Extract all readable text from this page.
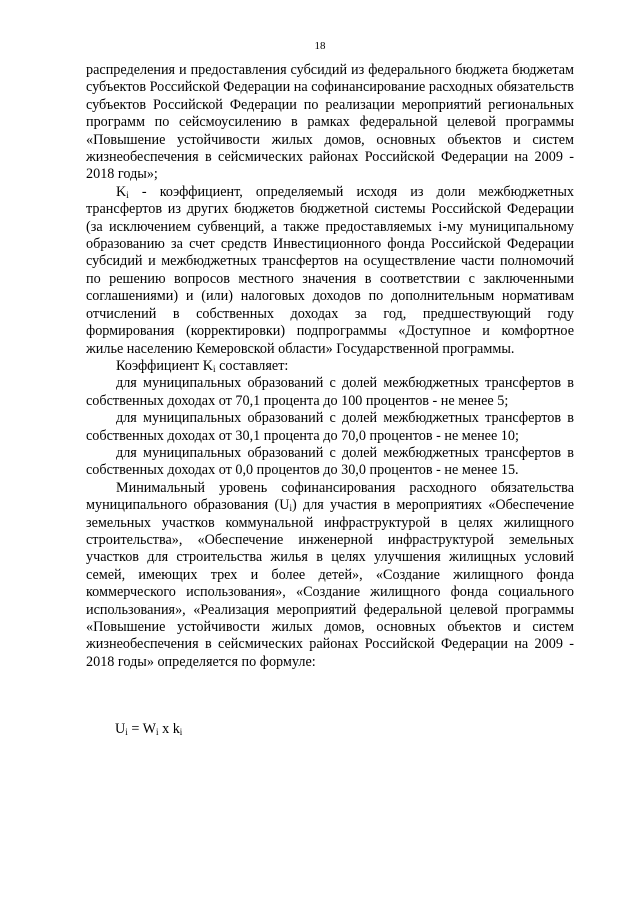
18

распределения и предоставления субсидий из федерального бюджета бюджетам субъектов Российской Федерации на софинансирование расходных обязательств субъектов Российской Федерации по реализации мероприятий региональных программ по сейсмоусилению в рамках федеральной целевой программы «Повышение устойчивости жилых домов, основных объектов и систем жизнеобеспечения в сейсмических районах Российской Федерации на 2009 - 2018 годы»;

$K_i$ - коэффициент, определяемый исходя из доли межбюджетных трансфертов из других бюджетов бюджетной системы Российской Федерации (за исключением субвенций, а также предоставляемых i-му муниципальному образованию за счет средств Инвестиционного фонда Российской Федерации субсидий и межбюджетных трансфертов на осуществление части полномочий по решению вопросов местного значения в соответствии с заключенными соглашениями) и (или) налоговых доходов по дополнительным нормативам отчислений в собственных доходах за год, предшествующий году формирования (корректировки) подпрограммы «Доступное и комфортное жилье населению Кемеровской области» Государственной программы.

Коэффициент $K_i$ составляет:

для муниципальных образований с долей межбюджетных трансфертов в собственных доходах от 70,1 процента до 100 процентов - не менее 5;

для муниципальных образований с долей межбюджетных трансфертов в собственных доходах от 30,1 процента до 70,0 процентов - не менее 10;

для муниципальных образований с долей межбюджетных трансфертов в собственных доходах от 0,0 процентов до 30,0 процентов - не менее 15.

Минимальный уровень софинансирования расходного обязательства муниципального образования $(U_i)$ для участия в мероприятиях «Обеспечение земельных участков коммунальной инфраструктурой в целях жилищного строительства», «Обеспечение инженерной инфраструктурой земельных участков для строительства жилья в целях улучшения жилищных условий семей, имеющих трех и более детей», «Создание жилищного фонда коммерческого использования», «Создание жилищного фонда социального использования», «Реализация мероприятий федеральной целевой программы «Повышение устойчивости жилых домов, основных объектов и систем жизнеобеспечения в сейсмических районах Российской Федерации на 2009 - 2018 годы» определяется по формуле:

$U_i = W_i$ x $k_i$
